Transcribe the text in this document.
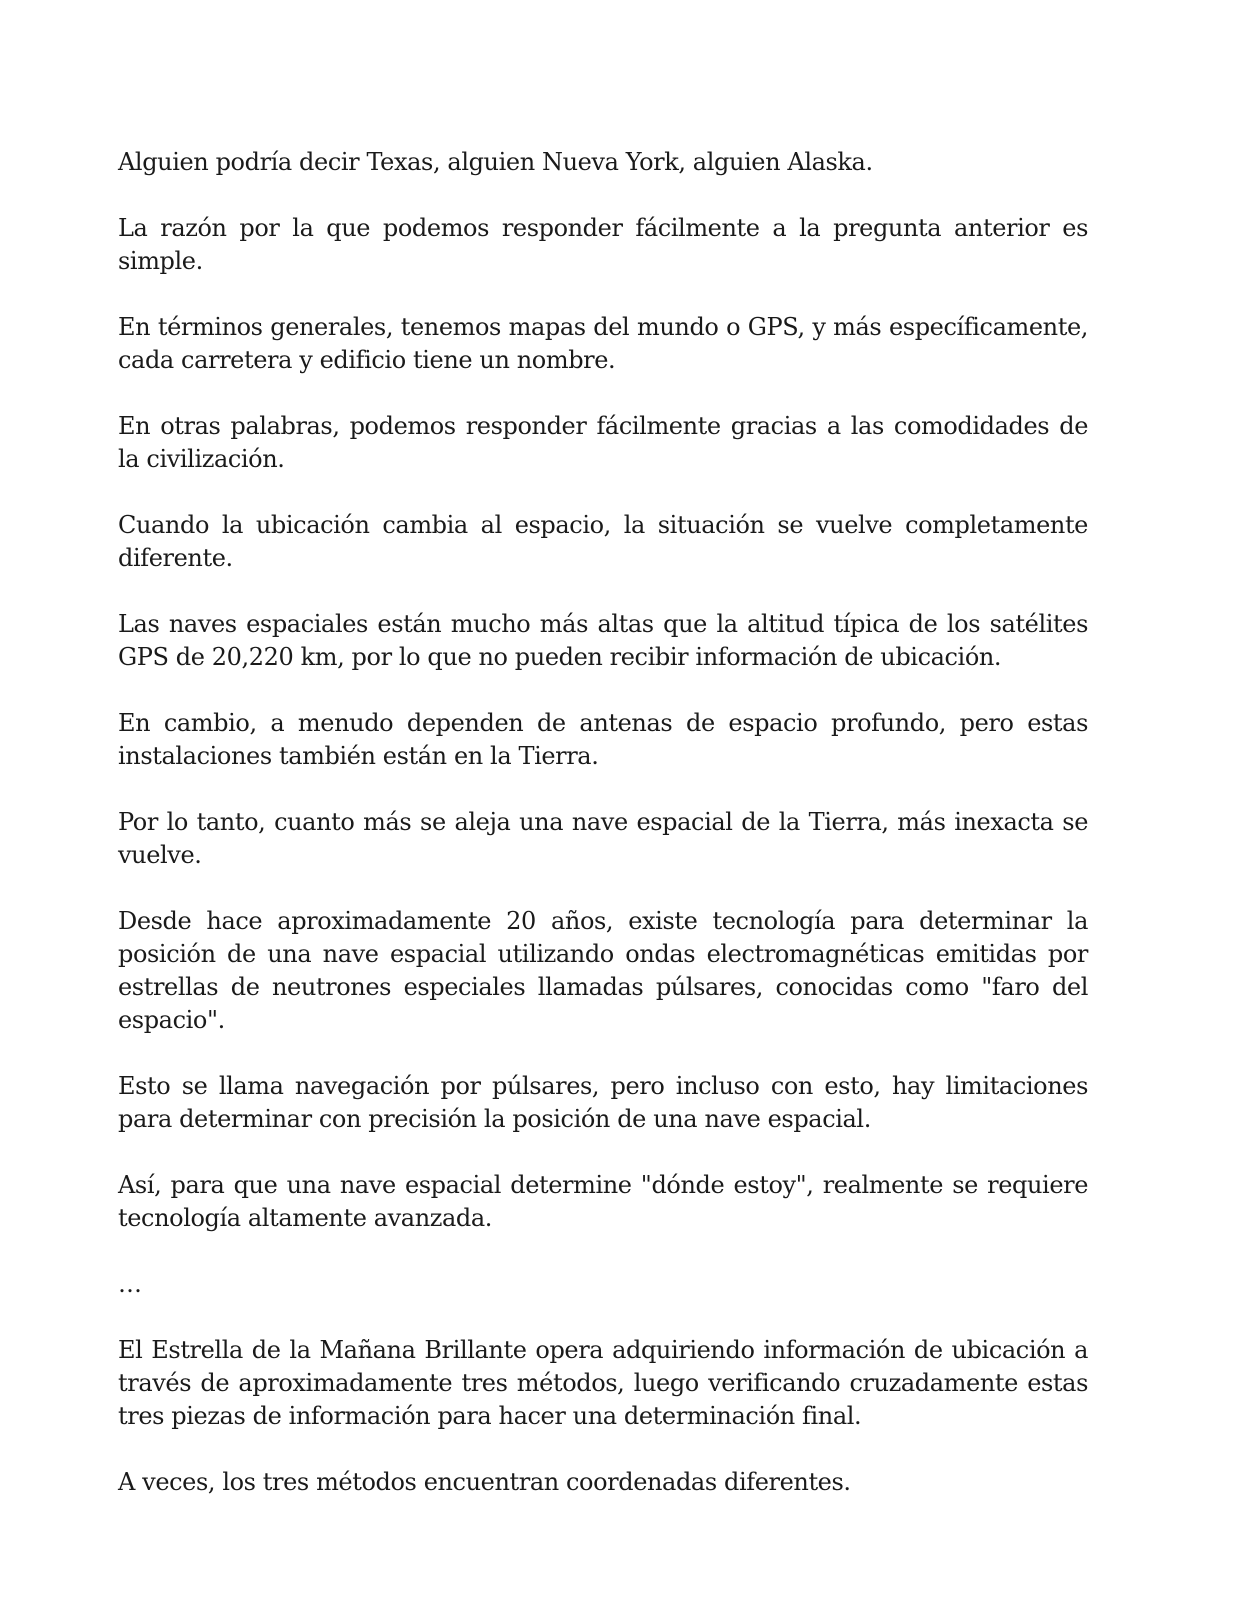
Alguien podría decir Texas, alguien Nueva York, alguien Alaska.

La razón por la que podemos responder fácilmente a la pregunta anterior es simple.

En términos generales, tenemos mapas del mundo o GPS, y más específicamente, cada carretera y edificio tiene un nombre.

En otras palabras, podemos responder fácilmente gracias a las comodidades de la civilización.

Cuando la ubicación cambia al espacio, la situación se vuelve completamente diferente.

Las naves espaciales están mucho más altas que la altitud típica de los satélites GPS de 20,220 km, por lo que no pueden recibir información de ubicación.

En cambio, a menudo dependen de antenas de espacio profundo, pero estas instalaciones también están en la Tierra.

Por lo tanto, cuanto más se aleja una nave espacial de la Tierra, más inexacta se vuelve.

Desde hace aproximadamente 20 años, existe tecnología para determinar la posición de una nave espacial utilizando ondas electromagnéticas emitidas por estrellas de neutrones especiales llamadas púlsares, conocidas como "faro del espacio".

Esto se llama navegación por púlsares, pero incluso con esto, hay limitaciones para determinar con precisión la posición de una nave espacial.

Así, para que una nave espacial determine "dónde estoy", realmente se requiere tecnología altamente avanzada.

…

El Estrella de la Mañana Brillante opera adquiriendo información de ubicación a través de aproximadamente tres métodos, luego verificando cruzadamente estas tres piezas de información para hacer una determinación final.

A veces, los tres métodos encuentran coordenadas diferentes.
